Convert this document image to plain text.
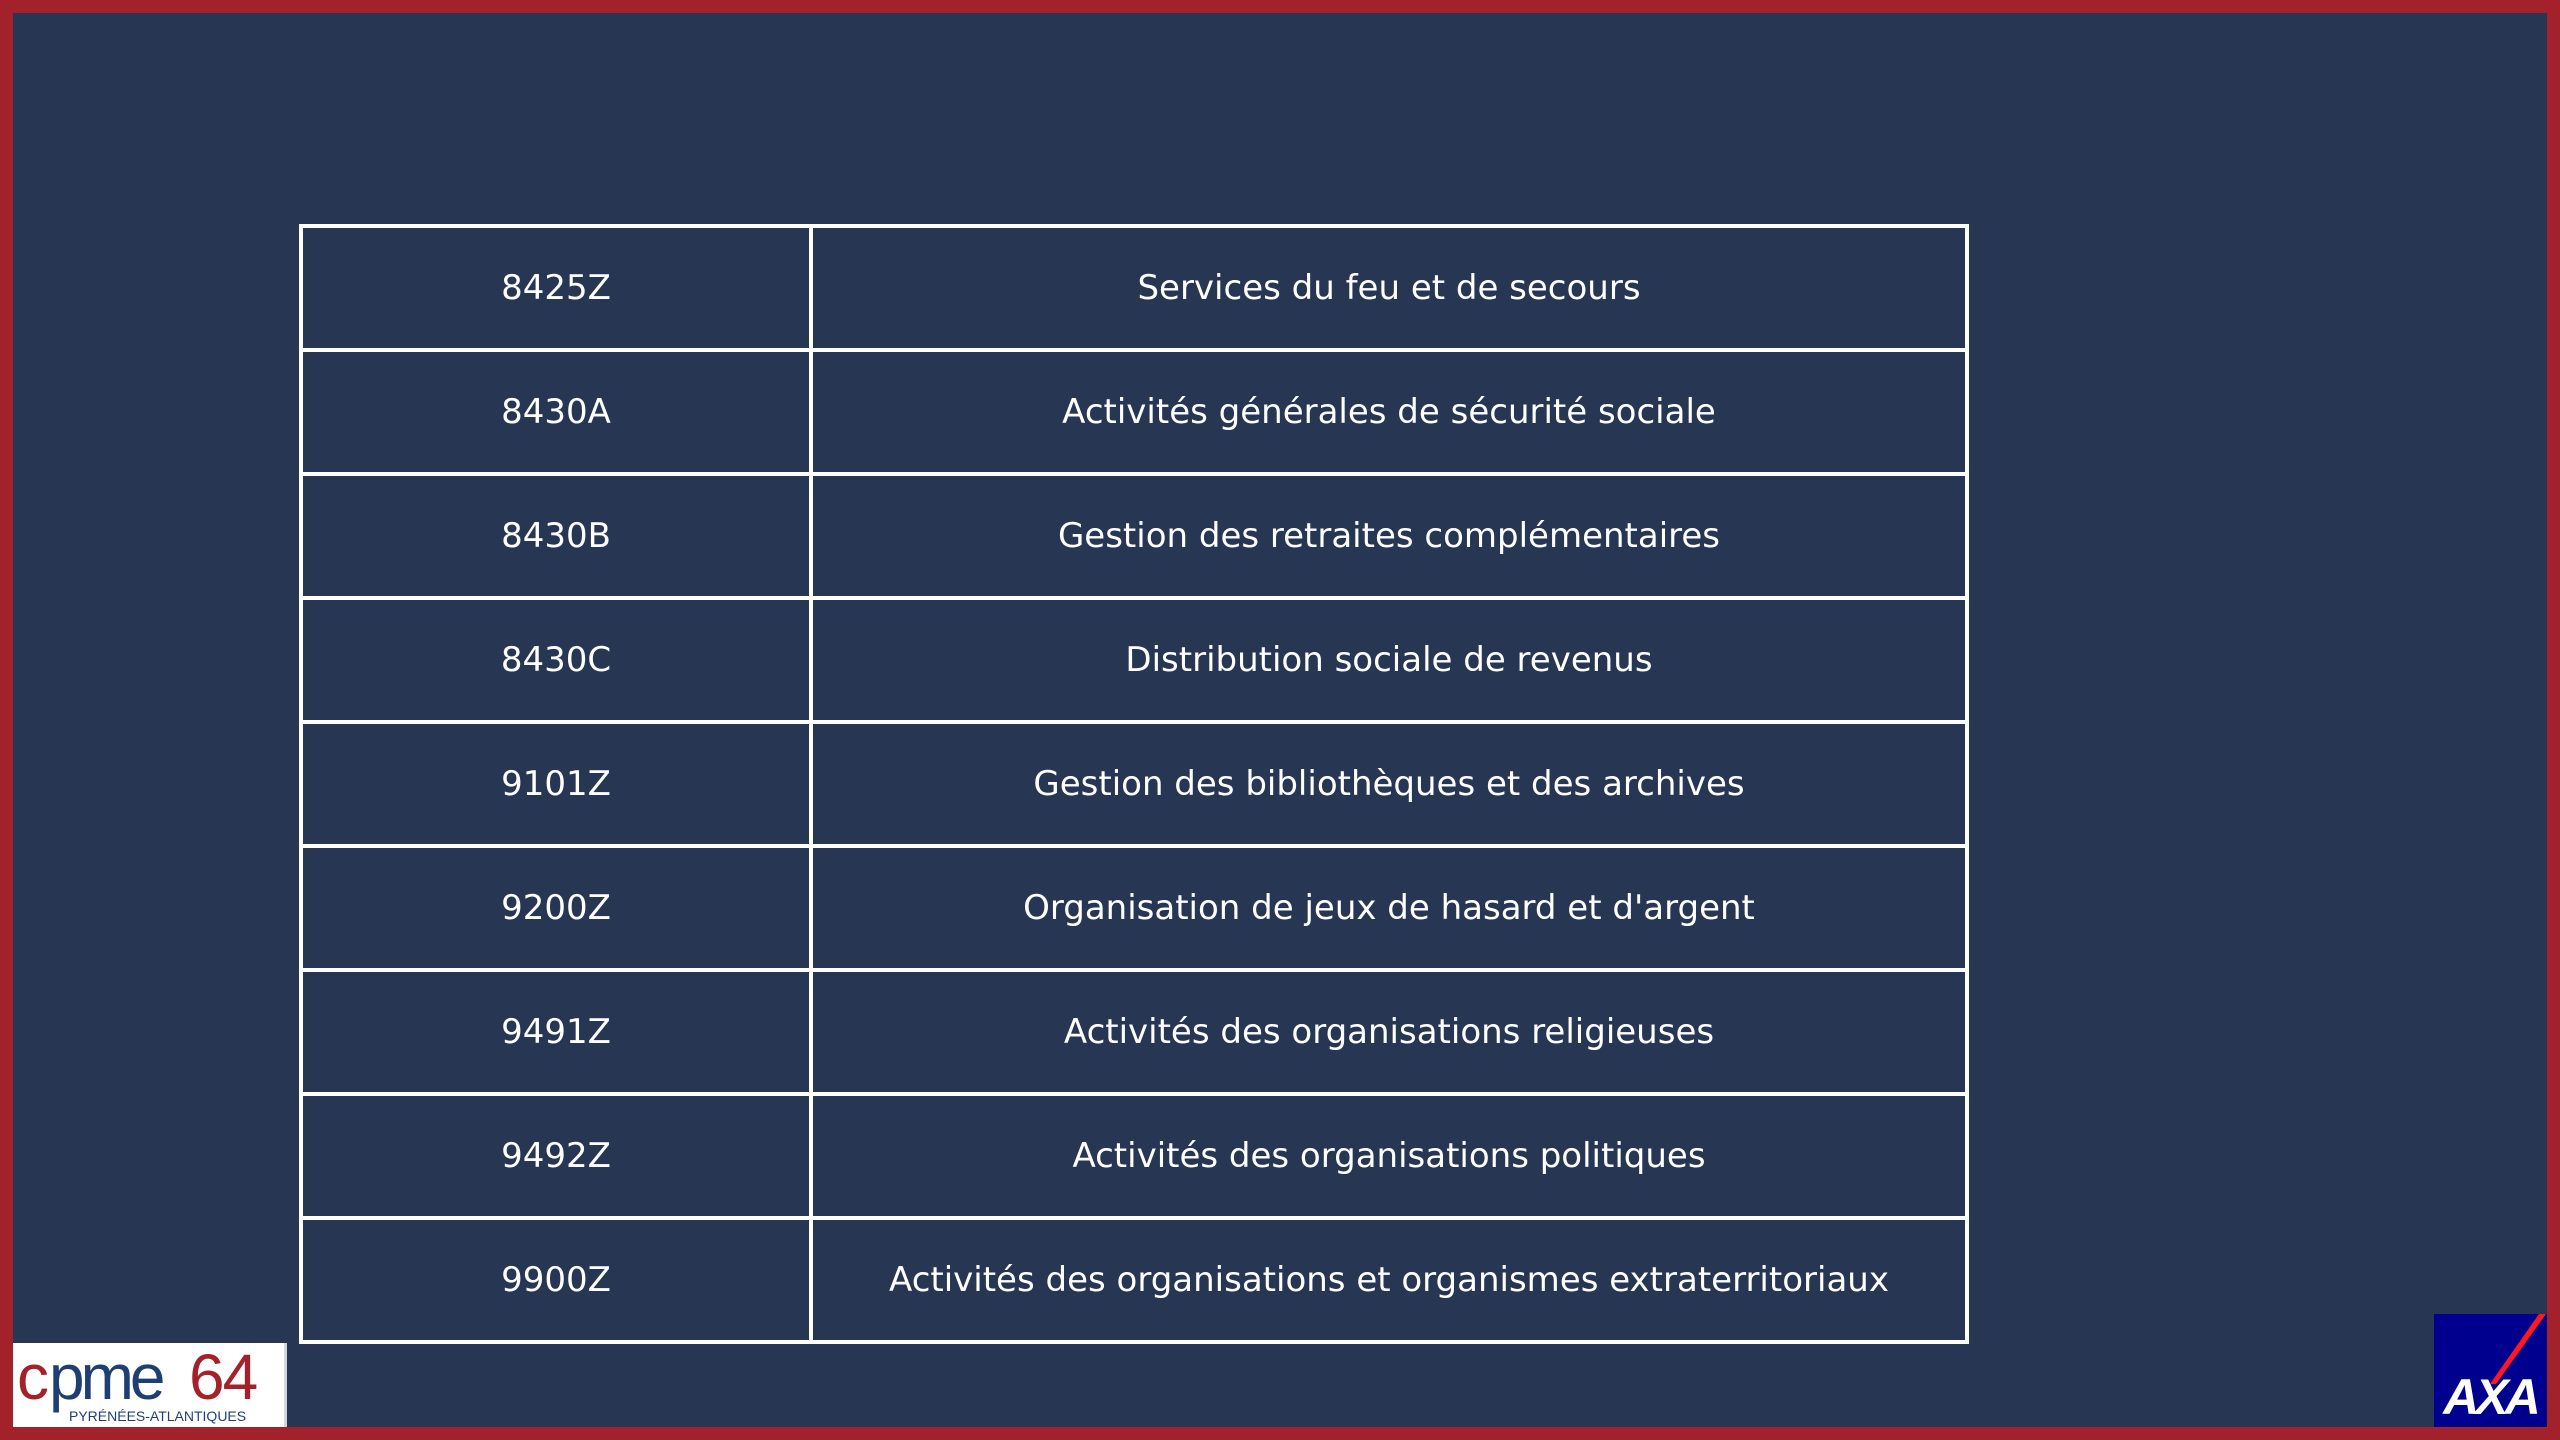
8425Z	Services du feu et de secours
8430A	Activités générales de sécurité sociale
8430B	Gestion des retraites complémentaires
8430C	Distribution sociale de revenus
9101Z	Gestion des bibliothèques et des archives
9200Z	Organisation de jeux de hasard et d'argent
9491Z	Activités des organisations religieuses
9492Z	Activités des organisations politiques
9900Z	Activités des organisations et organismes extraterritoriaux
c pme 64
PYRÉNÉES-ATLANTIQUES	AXA
